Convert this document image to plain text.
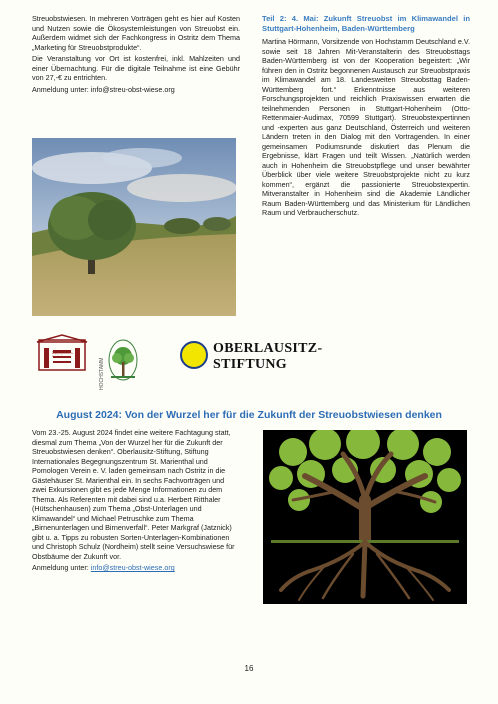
Streuobstwiesen. In mehreren Vorträgen geht es hier auf Kosten und Nutzen sowie die Ökosystemleistungen von Streuobst ein. Außerdem widmet sich der Fachkongress in Ostritz dem Thema „Marketing für Streuobstprodukte“.

Die Veranstaltung vor Ort ist kostenfrei, inkl. Mahlzeiten und einer Übernachtung. Für die digitale Teilnahme ist eine Gebühr von 27,-€ zu entrichten.

Anmeldung unter: info@streu-obst-wiese.org

Teil 2: 4. Mai: Zukunft Streuobst im Klimawandel in Stuttgart-Hohenheim, Baden-Württemberg

Martina Hörmann, Vorsitzende von Hochstamm Deutschland e.V. sowie seit 18 Jahren Mit-Veranstalterin des Streuobsttags Baden-Württemberg ist von der Kooperation begeistert: „Wir führen den in Ostritz begonnenen Austausch zur Streuobstpraxis im Klimawandel am 18. Landesweiten Streuobsttag Baden-Württemberg fort.“ Erkenntnisse aus weiteren Forschungsprojekten und reichlich Praxiswissen erwarten die teilnehmenden Personen in Stuttgart-Hohenheim (Otto-Rettenmaier-Audimax, 70599 Stuttgart). Streuobstexpertinnen und -experten aus ganz Deutschland, Österreich und weiteren Ländern treten in den Dialog mit den Vortragenden. In einer gemeinsamen Podiumsrunde diskutiert das Plenum die Ergebnisse, klärt Fragen und teilt Wissen. „Natürlich werden auch in Hohenheim die Streuobstpflege und unser bewährter Überblick über viele weitere Streuobstprojekte nicht zu kurz kommen“, ergänzt die passionierte Streuobstexpertin. Mitveranstalter in Hohenheim sind die Akademie Ländlicher Raum Baden-Württemberg und das Ministerium für Ländlichen Raum und Verbraucherschutz.

Internationales Begegnungszentrum St. Marienthal
HOCHSTAMM
OBERLAUSITZ-STIFTUNG
August 2024: Von der Wurzel her für die Zukunft der Streuobstwiesen denken

Vom 23.-25. August 2024 findet eine weitere Fachtagung statt, diesmal zum Thema „Von der Wurzel her für die Zukunft der Streuobstwiesen denken“. Oberlausitz-Stiftung, Stiftung Internationales Begegnungszentrum St. Marienthal und Pomologen Verein e. V. laden gemeinsam nach Ostritz in die Gästehäuser St. Marienthal ein. In sechs Fachvorträgen und zwei Exkursionen gibt es jede Menge Informationen zu dem Thema. Als Referenten mit dabei sind u.a. Herbert Ritthaler (Hütschenhausen) zum Thema „Obst-Unterlagen und Klimawandel“ und Michael Petruschke zum Thema „Birnenunterlagen und Birnenverfall“. Peter Markgraf (Jatznick) gibt u. a. Tipps zu robusten Sorten-Unterlagen-Kombinationen und Christoph Schulz (Nordheim) stellt seine Versuchswiese für Obstbäume der Zukunft vor.

Anmeldung unter: info@streu-obst-wiese.org

16
